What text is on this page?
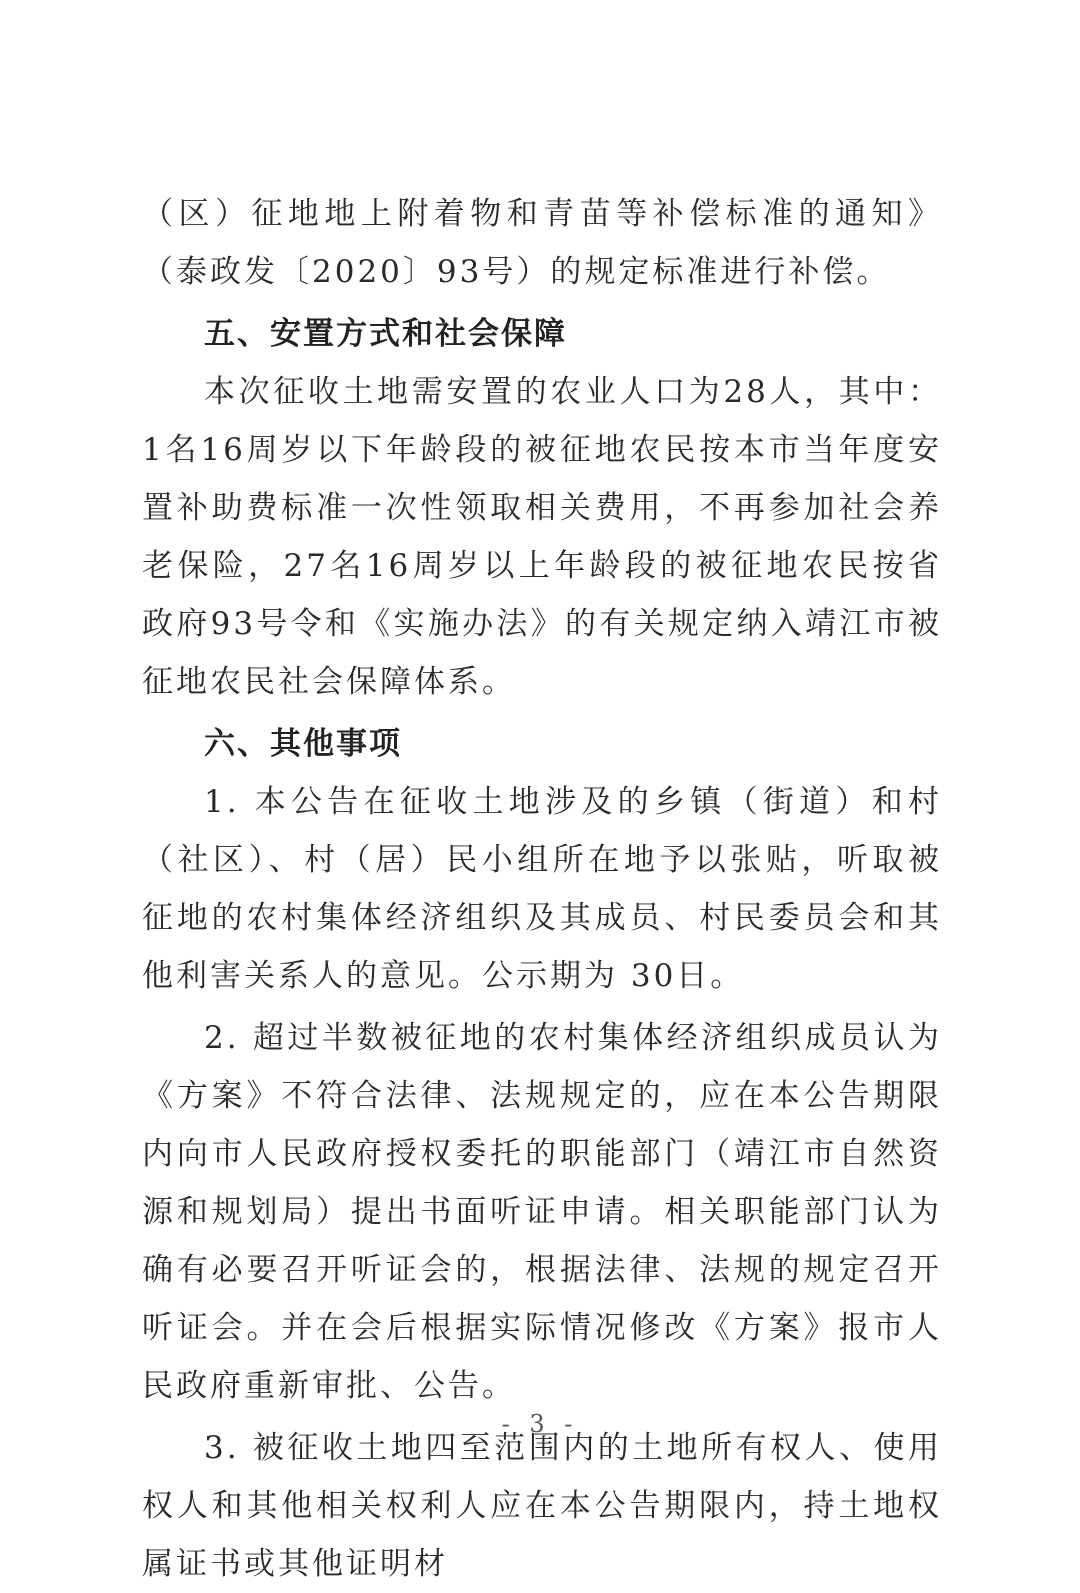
（区）征地地上附着物和青苗等补偿标准的通知》（泰政发〔2020〕93号）的规定标准进行补偿。

五、安置方式和社会保障

本次征收土地需安置的农业人口为28人，其中：1名16周岁以下年龄段的被征地农民按本市当年度安置补助费标准一次性领取相关费用，不再参加社会养老保险，27名16周岁以上年龄段的被征地农民按省政府93号令和《实施办法》的有关规定纳入靖江市被征地农民社会保障体系。

六、其他事项

1. 本公告在征收土地涉及的乡镇（街道）和村（社区）、村（居）民小组所在地予以张贴，听取被征地的农村集体经济组织及其成员、村民委员会和其他利害关系人的意见。公示期为 30日。

2. 超过半数被征地的农村集体经济组织成员认为《方案》不符合法律、法规规定的，应在本公告期限内向市人民政府授权委托的职能部门（靖江市自然资源和规划局）提出书面听证申请。相关职能部门认为确有必要召开听证会的，根据法律、法规的规定召开听证会。并在会后根据实际情况修改《方案》报市人民政府重新审批、公告。

3. 被征收土地四至范围内的土地所有权人、使用权人和其他相关权利人应在本公告期限内，持土地权属证书或其他证明材

- 3 -
